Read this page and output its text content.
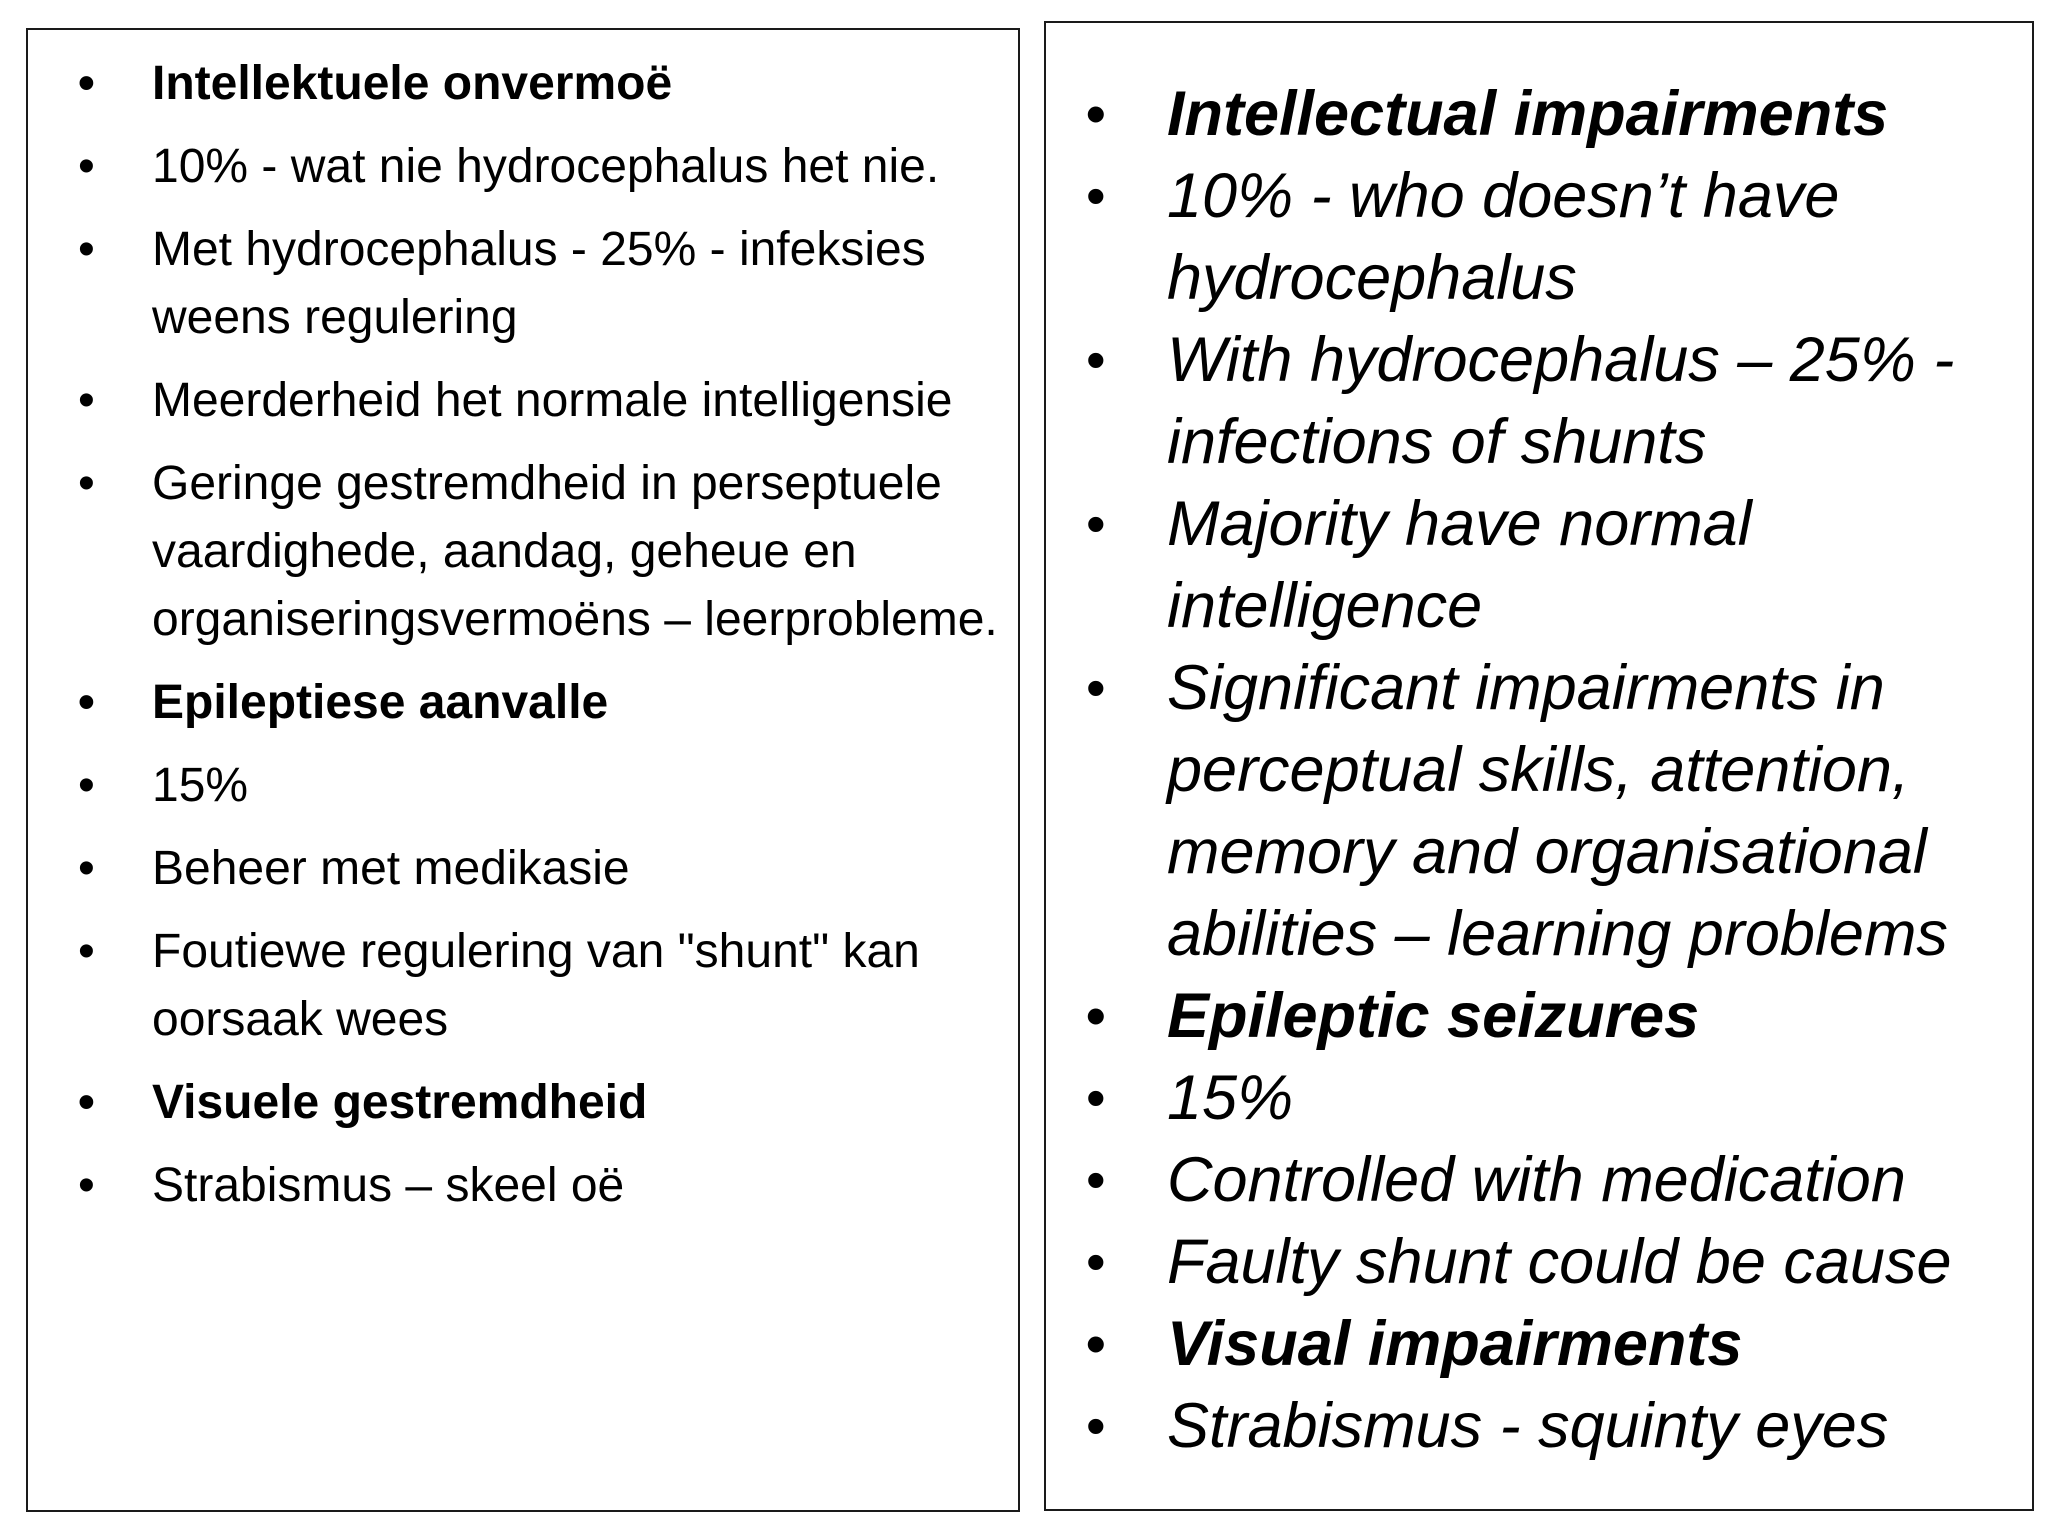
• Intellektuele onvermoë
• 10% - wat nie hydrocephalus het nie.
• Met hydrocephalus - 25% - infeksies weens regulering
• Meerderheid het normale intelligensie
• Geringe gestremdheid in perseptuele vaardighede, aandag, geheue en organiseringsvermoëns – leerprobleme.
• Epileptiese aanvalle
• 15%
• Beheer met medikasie
• Foutiewe regulering van "shunt" kan oorsaak wees
• Visuele gestremdheid
• Strabismus – skeel oë
• Intellectual impairments
• 10% - who doesn’t have hydrocephalus
• With hydrocephalus – 25% - infections of shunts
• Majority have normal intelligence
• Significant impairments in perceptual skills, attention, memory and organisational abilities – learning problems
• Epileptic seizures
• 15%
• Controlled with medication
• Faulty shunt could be cause
• Visual impairments
• Strabismus - squinty eyes
